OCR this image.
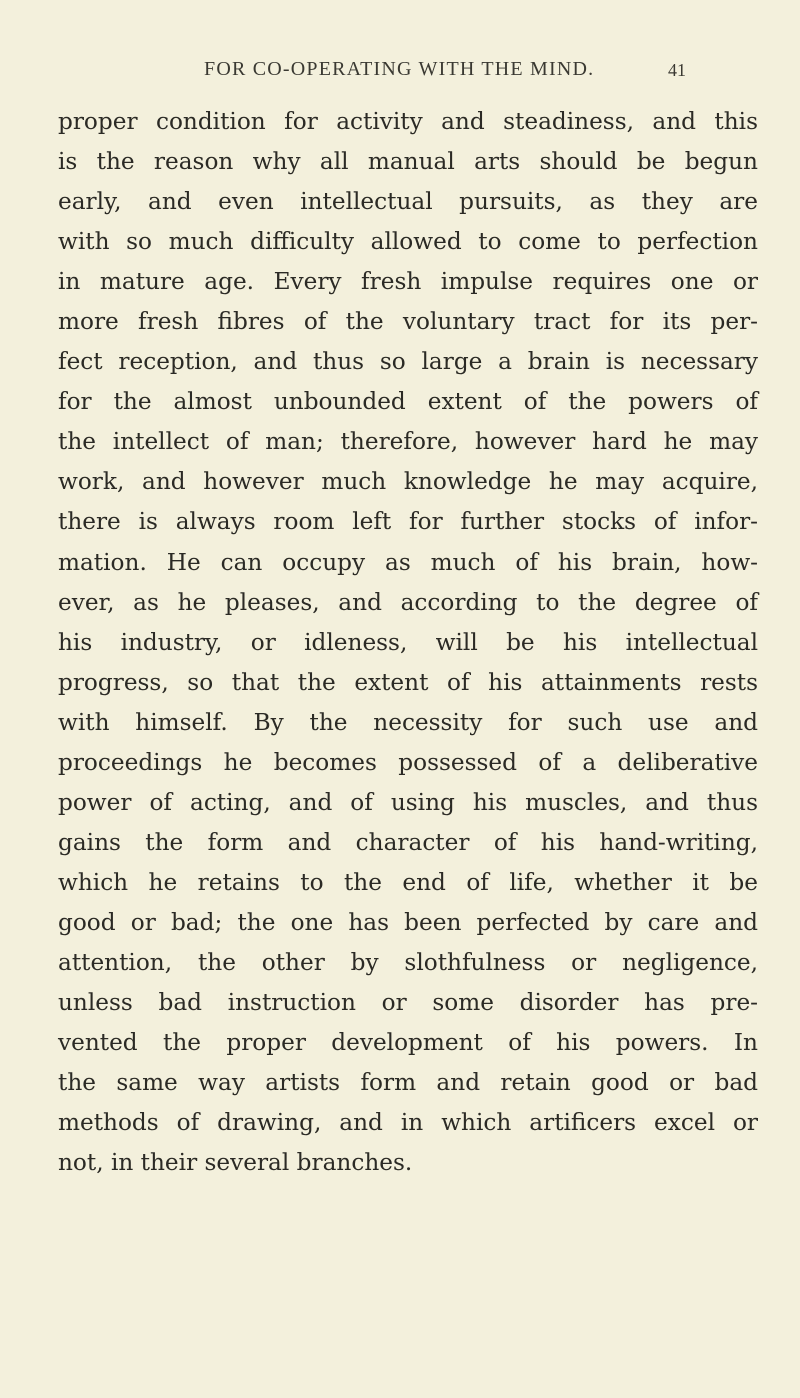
FOR CO-OPERATING WITH THE MIND.	41
proper condition for activity and steadiness, and this
is the reason why all manual arts should be begun
early, and even intellectual pursuits, as they are
with so much difficulty allowed to come to perfection
in mature age. Every fresh impulse requires one or
more fresh fibres of the voluntary tract for its per-
fect reception, and thus so large a brain is necessary
for the almost unbounded extent of the powers of
the intellect of man; therefore, however hard he may
work, and however much knowledge he may acquire,
there is always room left for further stocks of infor-
mation. He can occupy as much of his brain, how-
ever, as he pleases, and according to the degree of
his industry, or idleness, will be his intellectual
progress, so that the extent of his attainments rests
with himself. By the necessity for such use and
proceedings he becomes possessed of a deliberative
power of acting, and of using his muscles, and thus
gains the form and character of his hand-writing,
which he retains to the end of life, whether it be
good or bad; the one has been perfected by care and
attention, the other by slothfulness or negligence,
unless bad instruction or some disorder has pre-
vented the proper development of his powers. In
the same way artists form and retain good or bad
methods of drawing, and in which artificers excel or
not, in their several branches.
